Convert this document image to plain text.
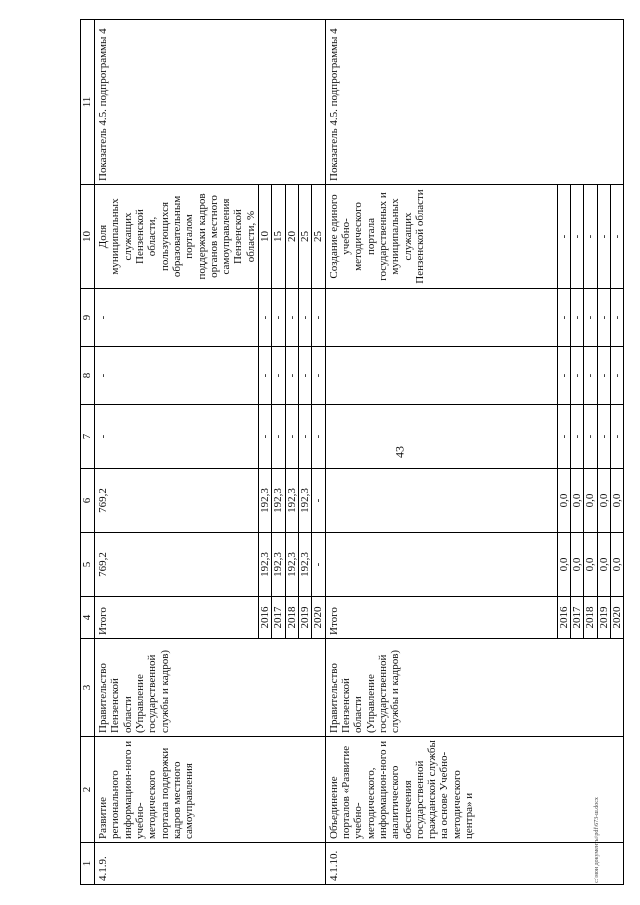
43
c:\мои документы\pdf\673-ш.docx
1	2	3	4	5	6	7	8	9	10	11
4.1.9.	Развитие регионального информацион-ного и учебно-методического портала поддержки кадров местного самоуправления	Правительство Пензенской области (Управление государственной службы и кадров)	Итого	769,2	769,2	-	-	-	Доля муниципальных служащих Пензенской области, пользующихся образовательным порталом поддержки кадров органов местного самоуправления Пензенской области, %	Показатель 4.5. подпрограммы 4
			2016	192,3	192,3	-	-	-	10	
			2017	192,3	192,3	-	-	-	15	
			2018	192,3	192,3	-	-	-	20	
			2019	192,3	192,3	-	-	-	25	
			2020	-	-	-	-	-	25	
4.1.10.	Объединение порталов «Развитие учебно-методического, информацион-ного и аналитического обеспечения государственной гражданской службы на основе Учебно-методического центра» и	Правительство Пензенской области (Управление государственной службы и кадров)	Итого						Создание единого учебно-методического портала государственных и муниципальных служащих Пензенской области	Показатель 4.5. подпрограммы 4
			2016	0,0	0,0	-	-	-	-	
			2017	0,0	0,0	-	-	-	-	
			2018	0,0	0,0	-	-	-	-	
			2019	0,0	0,0	-	-	-	-	
			2020	0,0	0,0	-	-	-	-	
